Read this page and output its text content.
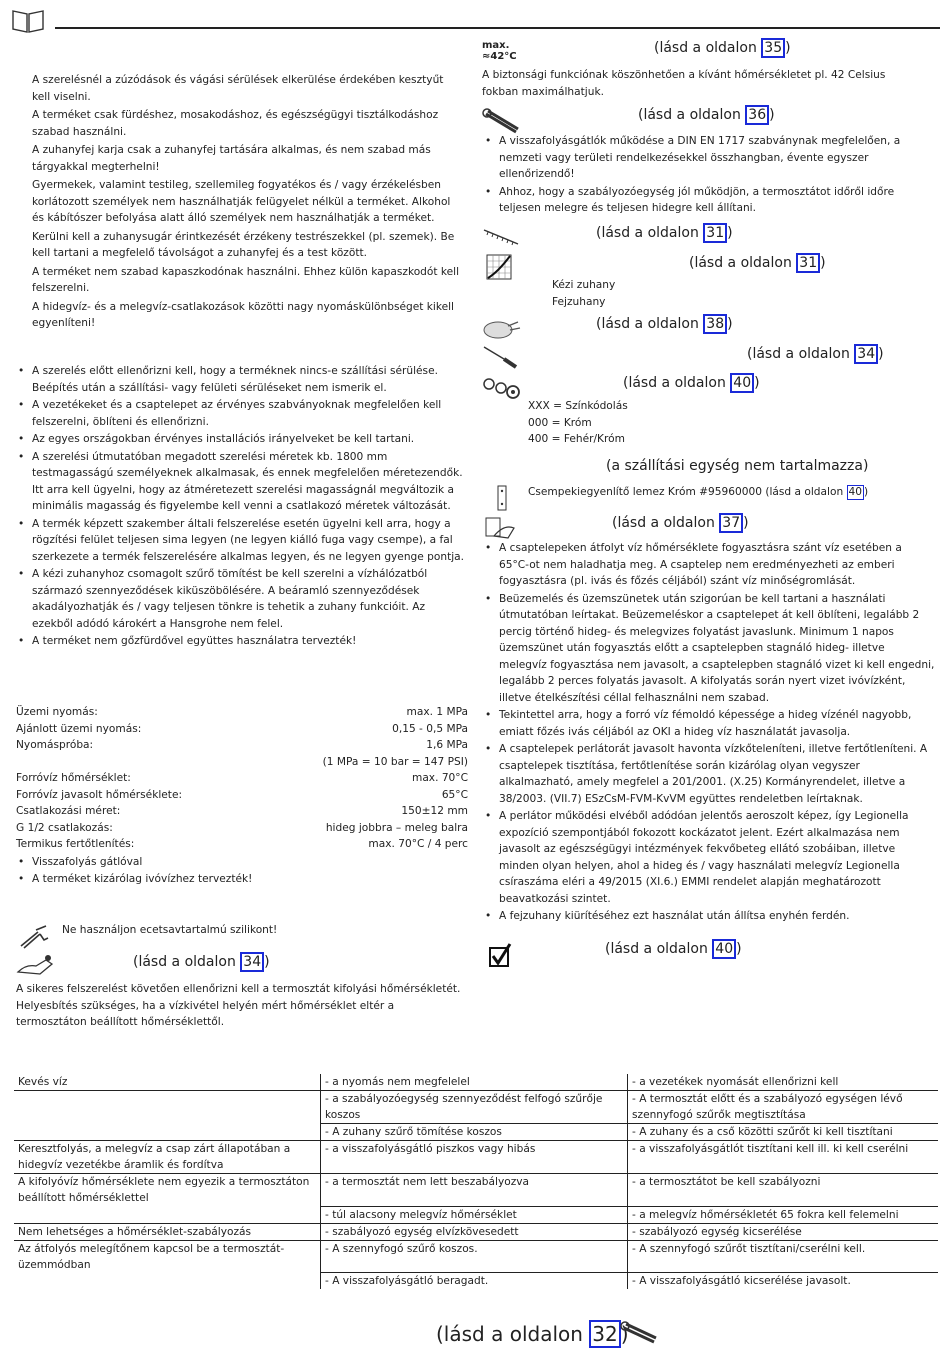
A szerelésnél a zúzódások és vágási sérülések elkerülése érdekében kesztyűt kell viselni.

A terméket csak fürdéshez, mosakodáshoz, és egészségügyi tisztálkodáshoz szabad használni.

A zuhanyfej karja csak a zuhanyfej tartására alkalmas, és nem szabad más tárgyakkal megterhelni!

Gyermekek, valamint testileg, szellemileg fogyatékos és / vagy érzékelésben korlátozott személyek nem használhatják felügyelet nélkül a terméket. Alkohol és kábítószer befolyása alatt álló személyek nem használhatják a terméket.

Kerülni kell a zuhanysugár érintkezését érzékeny testrészekkel (pl. szemek). Be kell tartani a megfelelő távolságot a zuhanyfej és a test között.

A terméket nem szabad kapaszkodónak használni. Ehhez külön kapaszkodót kell felszerelni.

A hidegvíz- és a melegvíz-csatlakozások közötti nagy nyomáskülönbséget kikell egyenlíteni!

• A szerelés előtt ellenőrizni kell, hogy a terméknek nincs-e szállítási sérülése. Beépítés után a szállítási- vagy felületi sérüléseket nem ismerik el.
• A vezetékeket és a csaptelepet az érvényes szabványoknak megfelelően kell felszerelni, öblíteni és ellenőrizni.
• Az egyes országokban érvényes installációs irányelveket be kell tartani.
• A szerelési útmutatóban megadott szerelési méretek kb. 1800 mm testmagasságú személyeknek alkalmasak, és ennek megfelelően méretezendők. Itt arra kell ügyelni, hogy az átméretezett szerelési magasságnál megváltozik a minimális magasság és figyelembe kell venni a csatlakozó méretek változását.
• A termék képzett szakember általi felszerelése esetén ügyelni kell arra, hogy a rögzítési felület teljesen sima legyen (ne legyen kiálló fuga vagy csempe), a fal szerkezete a termék felszerelésére alkalmas legyen, és ne legyen gyenge pontja.
• A kézi zuhanyhoz csomagolt szűrő tömítést be kell szerelni a vízhálózatból származó szennyeződések kiküszöbölésére. A beáramló szennyeződések akadályozhatják és / vagy teljesen tönkre is tehetik a zuhany funkcióit. Az ezekből adódó károkért a Hansgrohe nem felel.
• A terméket nem gőzfürdővel együttes használatra tervezték!
Üzemi nyomás:	max. 1 MPa
Ajánlott üzemi nyomás:	0,15 - 0,5 MPa
Nyomáspróba:	1,6 MPa
(1 MPa = 10 bar = 147 PSI)
Forróvíz hőmérséklet:	max. 70°C
Forróvíz javasolt hőmérséklete:	65°C
Csatlakozási méret:	150±12 mm
G 1/2 csatlakozás:	hideg jobbra – meleg balra
Termikus fertőtlenítés:	max. 70°C / 4 perc
• Visszafolyás gátlóval
• A terméket kizárólag ivóvízhez tervezték!
Ne használjon ecetsavtartalmú szilikont!
(lásd a oldalon 34 )
A sikeres felszerelést követően ellenőrizni kell a termosztát kifolyási hőmérsékletét. Helyesbítés szükséges, ha a vízkivétel helyén mért hőmérséklet eltér a termosztáton beállított hőmérséklettől.
max.
≈42°C
(lásd a oldalon 35 )
A biztonsági funkciónak köszönhetően a kívánt hőmérsékletet pl. 42 Celsius fokban maximálhatjuk.
(lásd a oldalon 36 )
• A visszafolyásgátlók működése a DIN EN 1717 szabványnak megfelelően, a nemzeti vagy területi rendelkezésekkel összhangban, évente egyszer ellenőrizendő!
• Ahhoz, hogy a szabályozóegység jól működjön, a termosztátot időről időre teljesen melegre és teljesen hidegre kell állítani.
(lásd a oldalon 31 )
(lásd a oldalon 31 )
Kézi zuhany
Fejzuhany
(lásd a oldalon 38 )
(lásd a oldalon 34 )
(lásd a oldalon 40 )
XXX = Színkódolás
000 = Króm
400 = Fehér/Króm
(a szállítási egység nem tartalmazza)
Csempekiegyenlítő lemez Króm #95960000 (lásd a oldalon 40 )
(lásd a oldalon 37 )
• A csaptelepeken átfolyt víz hőmérséklete fogyasztásra szánt víz esetében a 65°C-ot nem haladhatja meg. A csaptelep nem eredményezheti az emberi fogyasztásra (pl. ivás és főzés céljából) szánt víz minőségromlását.
• Beüzemelés és üzemszünetek után szigorúan be kell tartani a használati útmutatóban leírtakat. Beüzemeléskor a csaptelepet át kell öblíteni, legalább 2 percig történő hideg- és melegvizes folyatást javaslunk. Minimum 1 napos üzemszünet után fogyasztás előtt a csaptelepben stagnáló hideg- illetve melegvíz fogyasztása nem javasolt, a csaptelepben stagnáló vizet ki kell engedni, legalább 2 perces folyatás javasolt. A kifolyatás során nyert vizet ivóvízként, illetve ételkészítési céllal felhasználni nem szabad.
• Tekintettel arra, hogy a forró víz fémoldó képessége a hideg vízénél nagyobb, emiatt főzés ivás céljából az OKI a hideg víz használatát javasolja.
• A csaptelepek perlátorát javasolt havonta vízkőteleníteni, illetve fertőtleníteni. A csaptelepek tisztítása, fertőtlenítése során kizárólag olyan vegyszer alkalmazható, amely megfelel a 201/2001. (X.25) Kormányrendelet, illetve a 38/2003. (VII.7) ESzCsM-FVM-KvVM együttes rendeletben leírtaknak.
• A perlátor működési elvéből adódóan jelentős aeroszolt képez, így Legionella expozíció szempontjából fokozott kockázatot jelent. Ezért alkalmazása nem javasolt az egészségügyi intézmények fekvőbeteg ellátó szobáiban, illetve minden olyan helyen, ahol a hideg és / vagy használati melegvíz Legionella csíraszáma eléri a 49/2015 (XI.6.) EMMI rendelet alapján meghatározott beavatkozási szintet.
• A fejzuhany kiürítéséhez ezt használat után állítsa enyhén ferdén.
(lásd a oldalon 40 )
Kevés víz	- a nyomás nem megfelelel	- a vezetékek nyomását ellenőrizni kell
	- a szabályozóegység szennyeződést felfogó szűrője koszos	- A termosztát előtt és a szabályozó egységen lévő szennyfogó szűrők megtisztítása
	- A zuhany szűrő tömítése koszos	- A zuhany és a cső közötti szűrőt ki kell tisztítani
Keresztfolyás, a melegvíz a csap zárt állapotában a hidegvíz vezetékbe áramlik és fordítva	- a visszafolyásgátló piszkos vagy hibás	- a visszafolyásgátlót tisztítani kell ill. ki kell cserélni
A kifolyóvíz hőmérséklete nem egyezik a termosztáton beállított hőmérséklettel	- a termosztát nem lett beszabályozva	- a termosztátot be kell szabályozni
	- túl alacsony melegvíz hőmérséklet	- a melegvíz hőmérsékletét 65 fokra kell felemelni
Nem lehetséges a hőmérséklet-szabályozás	- szabályozó egység elvízkövesedett	- szabályozó egység kicserélése
Az átfolyós melegítőnem kapcsol be a termosztát-üzemmódban	- A szennyfogó szűrő koszos.	- A szennyfogó szűrőt tisztítani/cserélni kell.
	- A visszafolyásgátló beragadt.	- A visszafolyásgátló kicserélése javasolt.
(lásd a oldalon 32 )
